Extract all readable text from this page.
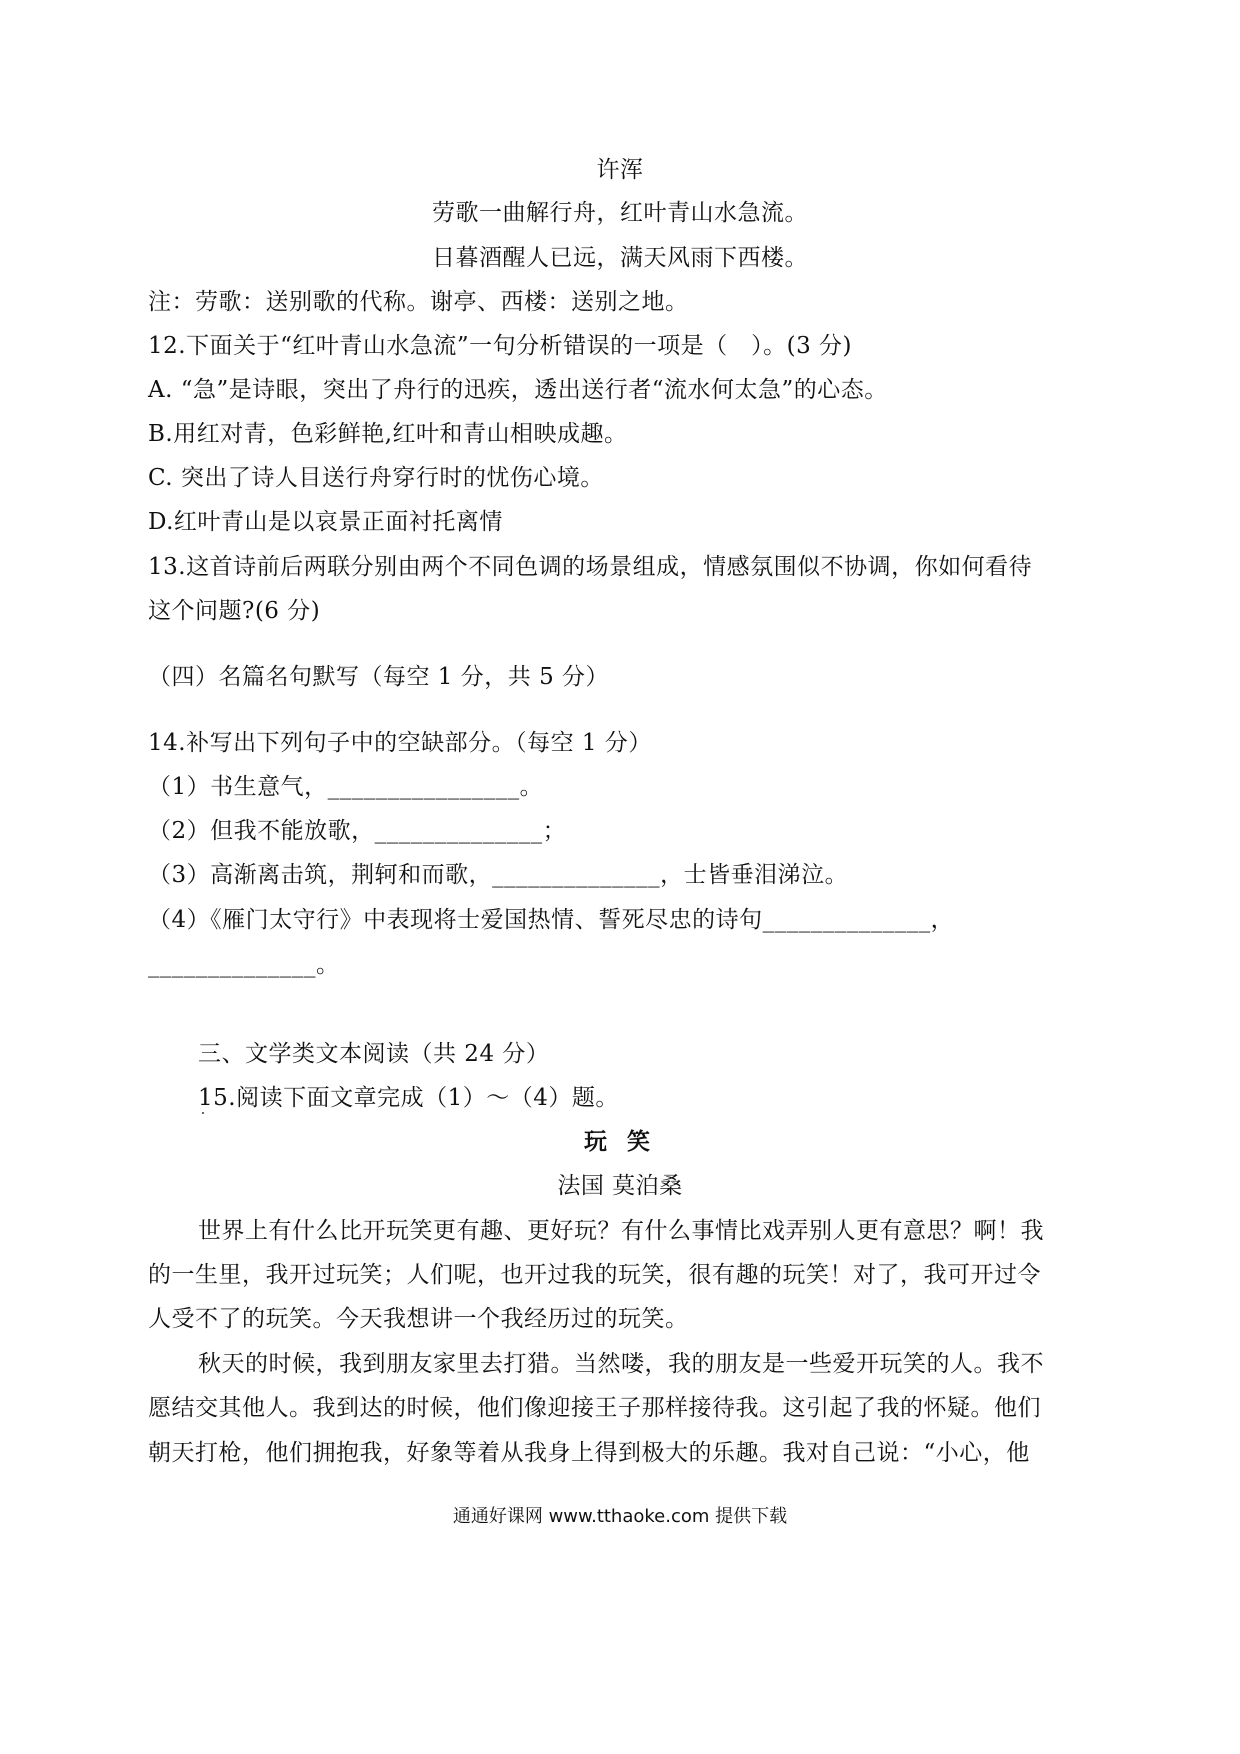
许浑
劳歌一曲解行舟，红叶青山水急流。
日暮酒醒人已远，满天风雨下西楼。
注：劳歌：送别歌的代称。谢亭、西楼：送别之地。
12.下面关于“红叶青山水急流”一句分析错误的一项是（　）。(3 分)
A. “急”是诗眼，突出了舟行的迅疾，透出送行者“流水何太急”的心态。
B.用红对青，色彩鲜艳,红叶和青山相映成趣。
C. 突出了诗人目送行舟穿行时的忧伤心境。
D.红叶青山是以哀景正面衬托离情
13.这首诗前后两联分别由两个不同色调的场景组成，情感氛围似不协调，你如何看待
这个问题?(6 分)
（四）名篇名句默写（每空 1 分，共 5 分）
14.补写出下列句子中的空缺部分。（每空 1 分）
（1）书生意气，________________。
（2）但我不能放歌，______________；
（3）高渐离击筑，荆轲和而歌，______________，士皆垂泪涕泣。
（4）《雁门太守行》中表现将士爱国热情、誓死尽忠的诗句______________，
______________。
三、文学类文本阅读（共 24 分）
15.阅读下面文章完成（1）～（4）题。
玩 笑
法国 莫泊桑
世界上有什么比开玩笑更有趣、更好玩？有什么事情比戏弄别人更有意思？啊！我
的一生里，我开过玩笑；人们呢，也开过我的玩笑，很有趣的玩笑！对了，我可开过令
人受不了的玩笑。今天我想讲一个我经历过的玩笑。
秋天的时候，我到朋友家里去打猎。当然喽，我的朋友是一些爱开玩笑的人。我不
愿结交其他人。我到达的时候，他们像迎接王子那样接待我。这引起了我的怀疑。他们
朝天打枪，他们拥抱我，好象等着从我身上得到极大的乐趣。我对自己说：“小心，他
通通好课网 www.tthaoke.com 提供下载
